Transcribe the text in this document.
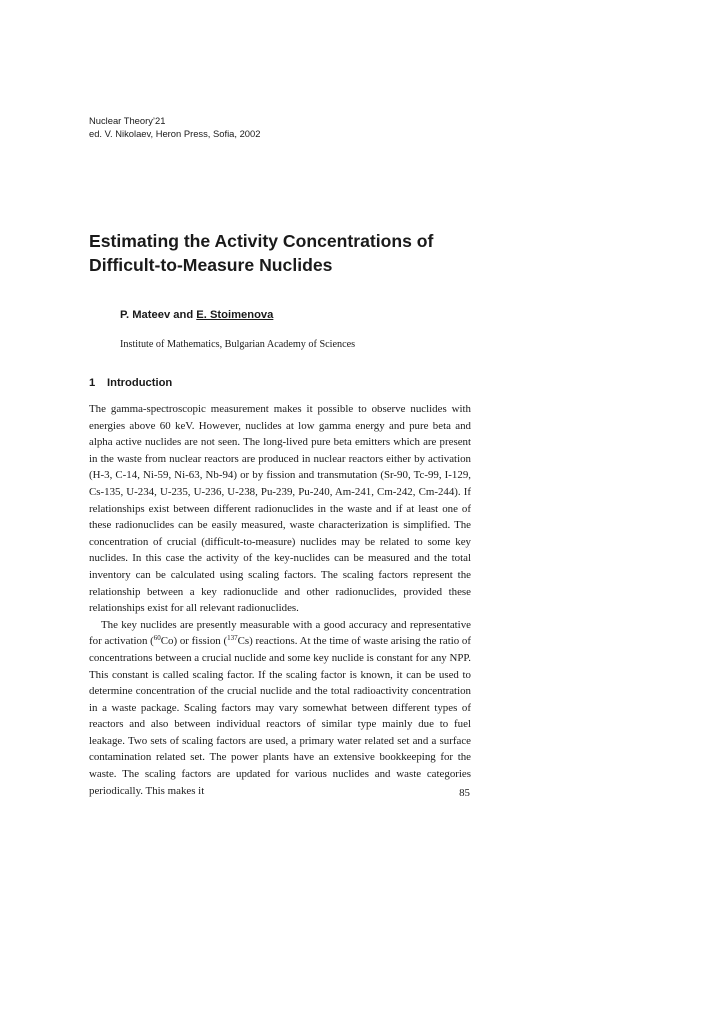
Nuclear Theory’21
ed. V. Nikolaev, Heron Press, Sofia, 2002
Estimating the Activity Concentrations of
Difficult-to-Measure Nuclides
P. Mateev and E. Stoimenova
Institute of Mathematics, Bulgarian Academy of Sciences
1 Introduction

The gamma-spectroscopic measurement makes it possible to observe nuclides with energies above 60 keV. However, nuclides at low gamma energy and pure beta and alpha active nuclides are not seen. The long-lived pure beta emitters which are present in the waste from nuclear reactors are produced in nuclear reactors either by activation (H-3, C-14, Ni-59, Ni-63, Nb-94) or by fission and transmutation (Sr-90, Tc-99, I-129, Cs-135, U-234, U-235, U-236, U-238, Pu-239, Pu-240, Am-241, Cm-242, Cm-244). If relationships exist between different radionuclides in the waste and if at least one of these radionuclides can be easily measured, waste characterization is simplified. The concentration of crucial (difficult-to-measure) nuclides may be related to some key nuclides. In this case the activity of the key-nuclides can be measured and the total inventory can be calculated using scaling factors. The scaling factors represent the relationship between a key radionuclide and other radionuclides, provided these relationships exist for all relevant radionuclides.

The key nuclides are presently measurable with a good accuracy and representative for activation ($^{60}$Co) or fission ($^{137}$Cs) reactions. At the time of waste arising the ratio of concentrations between a crucial nuclide and some key nuclide is constant for any NPP. This constant is called scaling factor. If the scaling factor is known, it can be used to determine concentration of the crucial nuclide and the total radioactivity concentration in a waste package. Scaling factors may vary somewhat between different types of reactors and also between individual reactors of similar type mainly due to fuel leakage. Two sets of scaling factors are used, a primary water related set and a surface contamination related set. The power plants have an extensive bookkeeping for the waste. The scaling factors are updated for various nuclides and waste categories periodically. This makes it	85
